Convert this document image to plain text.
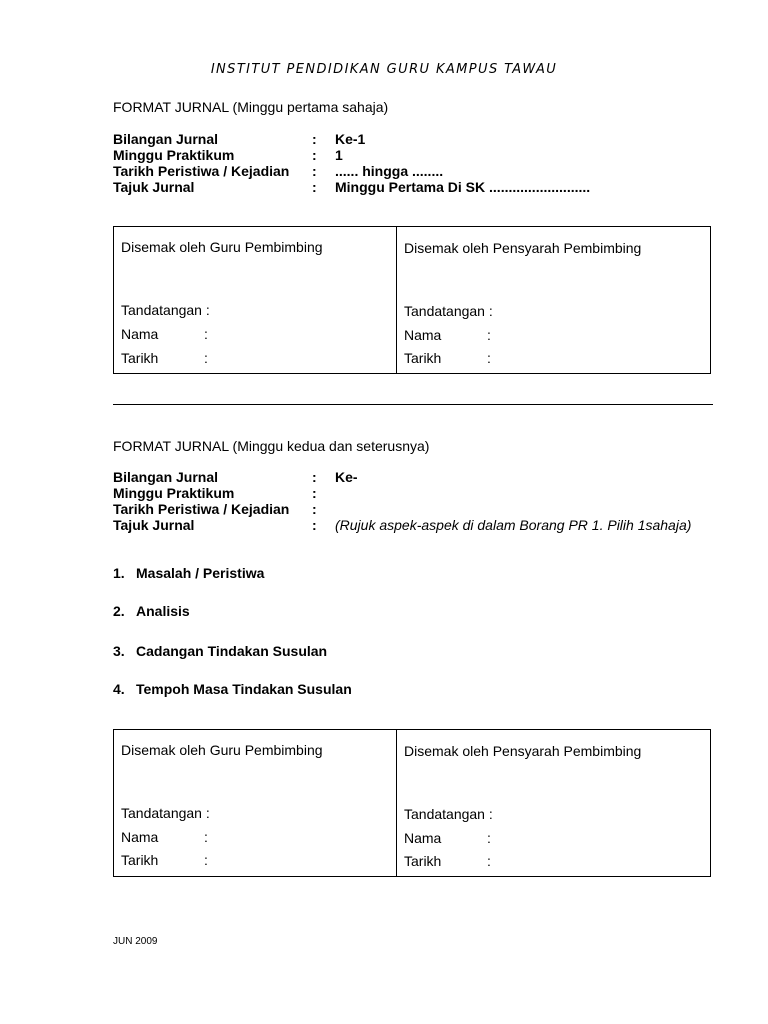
INSTITUT PENDIDIKAN GURU KAMPUS TAWAU
FORMAT JURNAL (Minggu pertama sahaja)
Bilangan Jurnal	: Ke-1
Minggu Praktikum	: 1
Tarikh Peristiwa / Kejadian : ...... hingga ........
Tajuk Jurnal	: Minggu Pertama Di SK ..........................
Disemak oleh Guru Pembimbing
Tandatangan :
Nama	:
Tarikh	:
Disemak oleh Pensyarah Pembimbing
Tandatangan :
Nama	:
Tarikh	:
FORMAT JURNAL (Minggu kedua dan seterusnya)
Bilangan Jurnal	: Ke-
Minggu Praktikum	:
Tarikh Peristiwa / Kejadian :
Tajuk Jurnal	: (Rujuk aspek-aspek di dalam Borang PR 1. Pilih 1sahaja)
1. Masalah / Peristiwa
2. Analisis
3. Cadangan Tindakan Susulan
4. Tempoh Masa Tindakan Susulan
Disemak oleh Guru Pembimbing
Tandatangan :
Nama	:
Tarikh	:
Disemak oleh Pensyarah Pembimbing
Tandatangan :
Nama	:
Tarikh	:
JUN 2009
